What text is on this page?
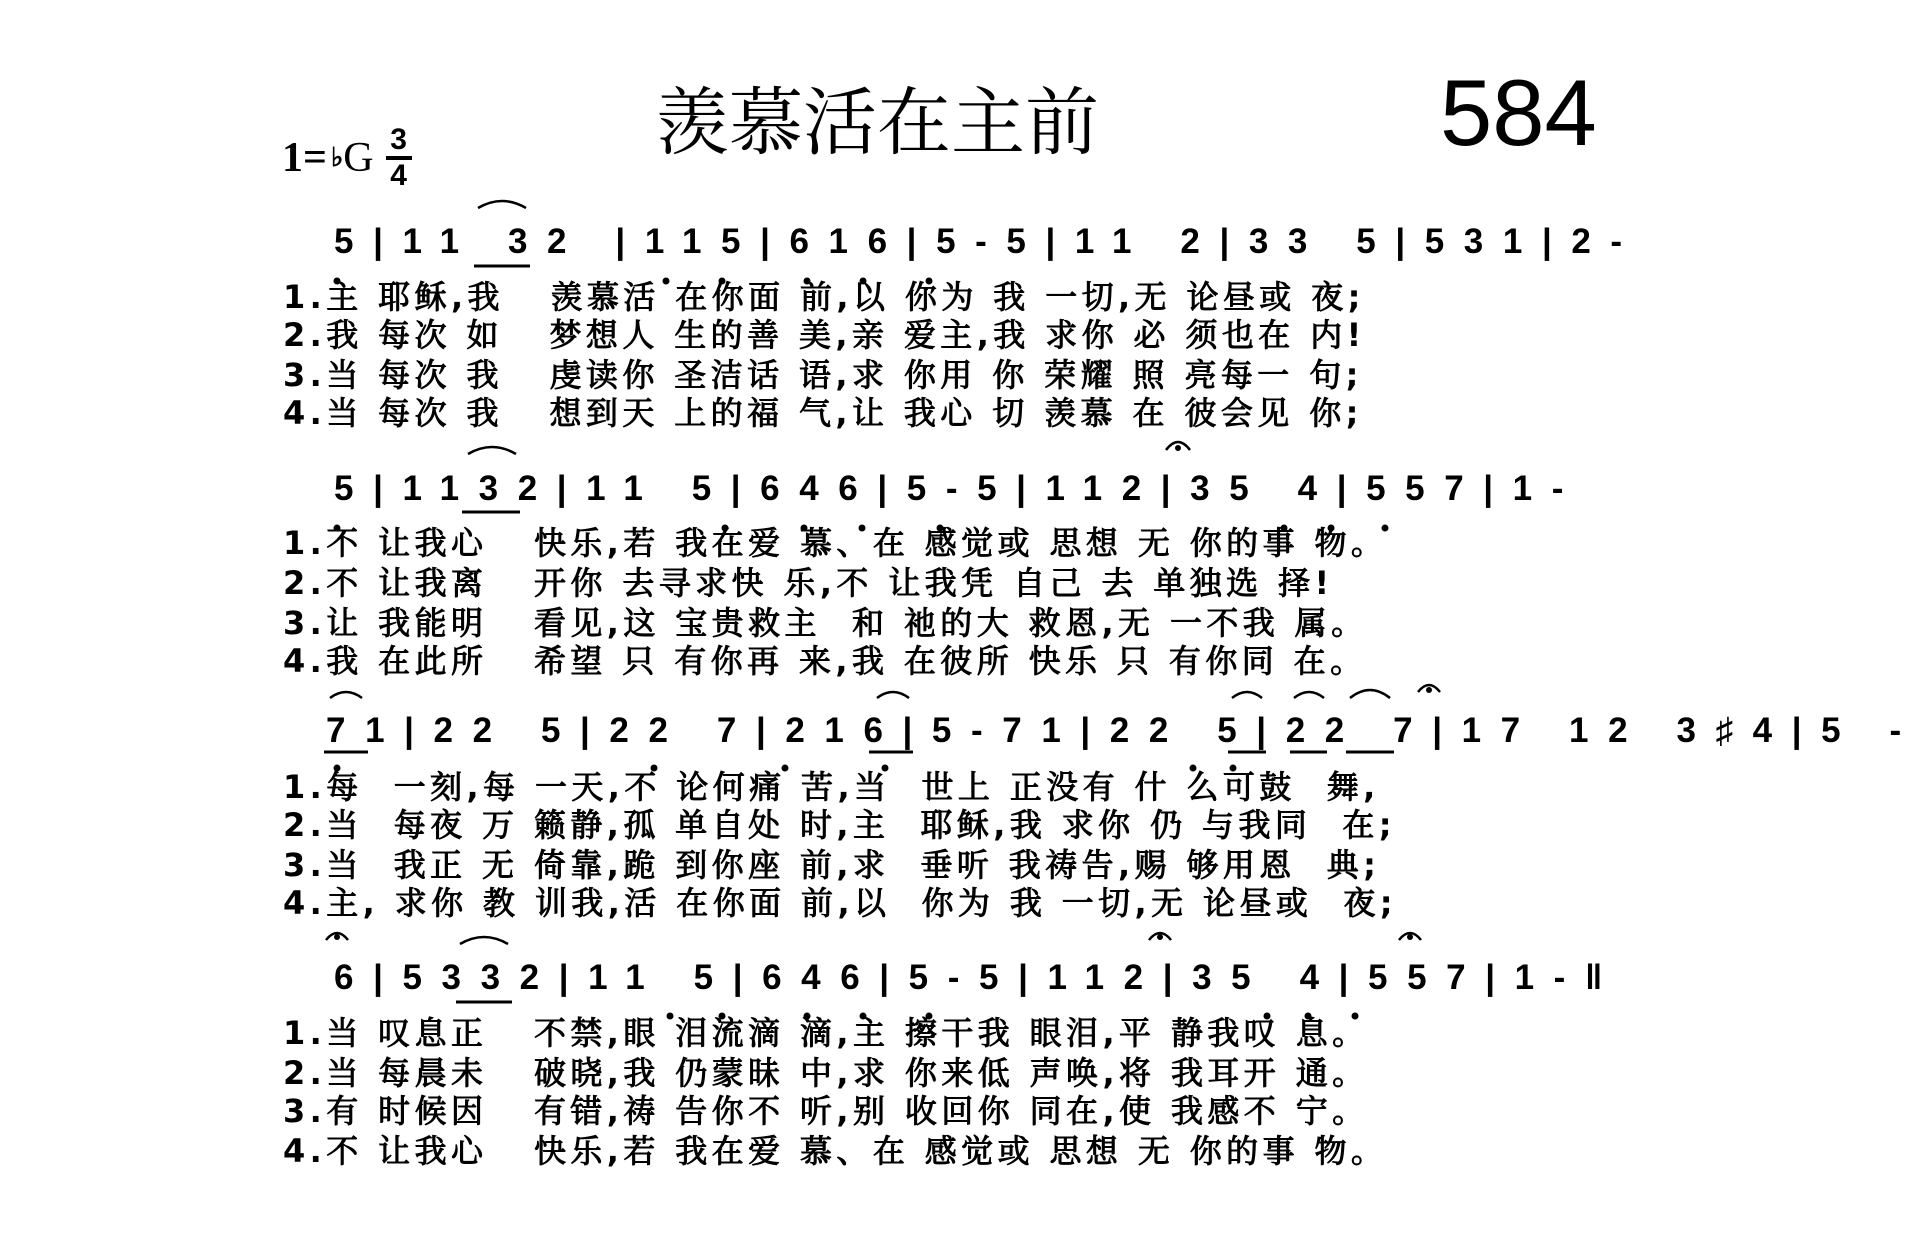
羡慕活在主前	584
1= ♭ G 3
4
5|11 32 |115|616|5-5|11 2|33 5|531|2-
1.主 耶稣,我   羡慕活 在你面 前,以 你为 我 一切,无 论昼或 夜;
2.我 每次 如   梦想人 生的善 美,亲 爱主,我 求你 必 须也在 内!
3.当 每次 我   虔读你 圣洁话 语,求 你用 你 荣耀 照 亮每一 句;
4.当 每次 我   想到天 上的福 气,让 我心 切 羡慕 在 彼会见 你;
5|1132|11 5|646|5-5|112|35 4|557|1-
1.不 让我心   快乐,若 我在爱 慕、在 感觉或 思想 无 你的事 物。
2.不 让我离   开你 去寻求快 乐,不 让我凭 自己 去 单独选 择!
3.让 我能明   看见,这 宝贵救主  和 祂的大 救恩,无 一不我 属。
4.我 在此所   希望 只 有你再 来,我 在彼所 快乐 只 有你同 在。
71|22 5|22 7|216|5-71|22 5|22 7|17 12 3♯4|5 -
1.每  一刻,每 一天,不 论何痛 苦,当  世上 正没有 什 么可鼓  舞,
2.当  每夜 万 籁静,孤 单自处 时,主  耶稣,我 求你 仍 与我同  在;
3.当  我正 无 倚靠,跪 到你座 前,求  垂听 我祷告,赐 够用恩  典;
4.主, 求你 教 训我,活 在你面 前,以  你为 我 一切,无 论昼或  夜;
6|5332|11 5|646|5-5|112|35 4|557|1-‖
1.当 叹息正   不禁,眼 泪流滴 滴,主 擦干我 眼泪,平 静我叹 息。
2.当 每晨未   破晓,我 仍蒙昧 中,求 你来低 声唤,将 我耳开 通。
3.有 时候因   有错,祷 告你不 听,别 收回你 同在,使 我感不 宁。
4.不 让我心   快乐,若 我在爱 慕、在 感觉或 思想 无 你的事 物。
